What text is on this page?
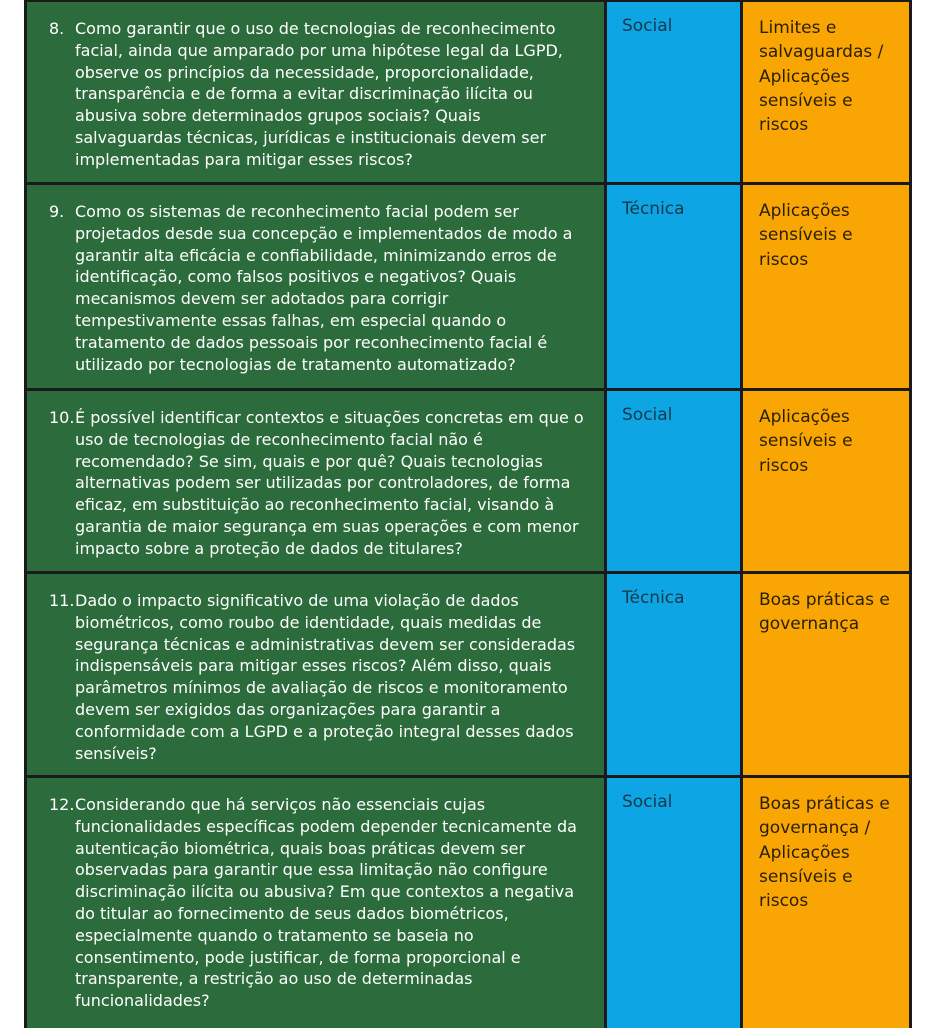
8. Como garantir que o uso de tecnologias de reconhecimento facial, ainda que amparado por uma hipótese legal da LGPD, observe os princípios da necessidade, proporcionalidade, transparência e de forma a evitar discriminação ilícita ou abusiva sobre determinados grupos sociais? Quais salvaguardas técnicas, jurídicas e institucionais devem ser implementadas para mitigar esses riscos?
Social	Limites e salvaguardas / Aplicações sensíveis e riscos
9. Como os sistemas de reconhecimento facial podem ser projetados desde sua concepção e implementados de modo a garantir alta eficácia e confiabilidade, minimizando erros de identificação, como falsos positivos e negativos? Quais mecanismos devem ser adotados para corrigir tempestivamente essas falhas, em especial quando o tratamento de dados pessoais por reconhecimento facial é utilizado por tecnologias de tratamento automatizado?
Técnica	Aplicações sensíveis e riscos
10. É possível identificar contextos e situações concretas em que o uso de tecnologias de reconhecimento facial não é recomendado? Se sim, quais e por quê? Quais tecnologias alternativas podem ser utilizadas por controladores, de forma eficaz, em substituição ao reconhecimento facial, visando à garantia de maior segurança em suas operações e com menor impacto sobre a proteção de dados de titulares?
Social	Aplicações sensíveis e riscos
11. Dado o impacto significativo de uma violação de dados biométricos, como roubo de identidade, quais medidas de segurança técnicas e administrativas devem ser consideradas indispensáveis para mitigar esses riscos? Além disso, quais parâmetros mínimos de avaliação de riscos e monitoramento devem ser exigidos das organizações para garantir a conformidade com a LGPD e a proteção integral desses dados sensíveis?
Técnica	Boas práticas e governança
12. Considerando que há serviços não essenciais cujas funcionalidades específicas podem depender tecnicamente da autenticação biométrica, quais boas práticas devem ser observadas para garantir que essa limitação não configure discriminação ilícita ou abusiva? Em que contextos a negativa do titular ao fornecimento de seus dados biométricos, especialmente quando o tratamento se baseia no consentimento, pode justificar, de forma proporcional e transparente, a restrição ao uso de determinadas funcionalidades?
Social	Boas práticas e governança / Aplicações sensíveis e riscos
